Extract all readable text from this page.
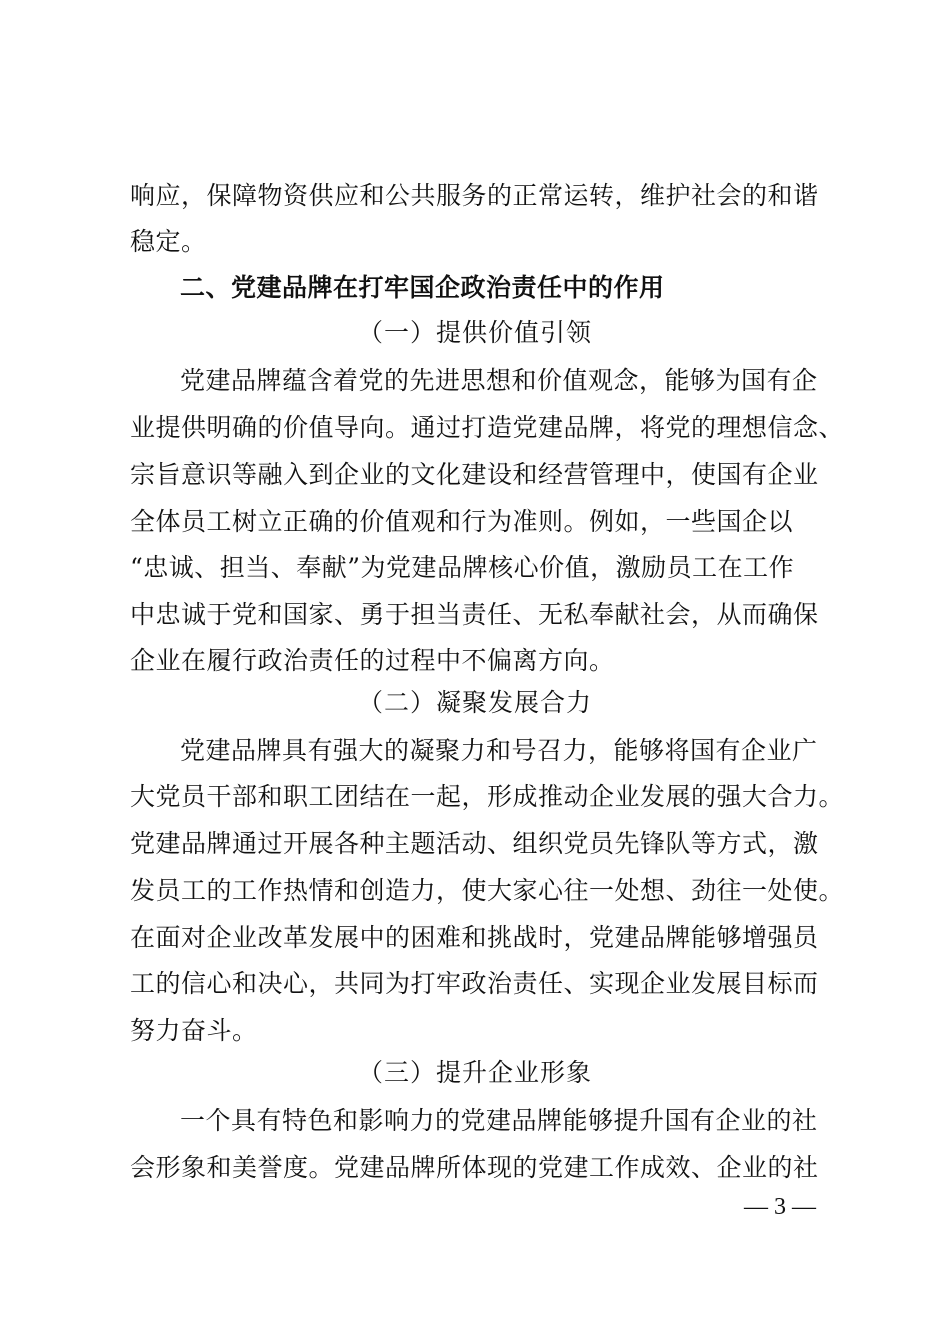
响应，保障物资供应和公共服务的正常运转，维护社会的和谐
稳定。
二、党建品牌在打牢国企政治责任中的作用
（一）提供价值引领
党建品牌蕴含着党的先进思想和价值观念，能够为国有企
业提供明确的价值导向。通过打造党建品牌，将党的理想信念、
宗旨意识等融入到企业的文化建设和经营管理中，使国有企业
全体员工树立正确的价值观和行为准则。例如，一些国企以
“忠诚、担当、奉献”为党建品牌核心价值，激励员工在工作
中忠诚于党和国家、勇于担当责任、无私奉献社会，从而确保
企业在履行政治责任的过程中不偏离方向。
（二）凝聚发展合力
党建品牌具有强大的凝聚力和号召力，能够将国有企业广
大党员干部和职工团结在一起，形成推动企业发展的强大合力。
党建品牌通过开展各种主题活动、组织党员先锋队等方式，激
发员工的工作热情和创造力，使大家心往一处想、劲往一处使。
在面对企业改革发展中的困难和挑战时，党建品牌能够增强员
工的信心和决心，共同为打牢政治责任、实现企业发展目标而
努力奋斗。
（三）提升企业形象
一个具有特色和影响力的党建品牌能够提升国有企业的社
会形象和美誉度。党建品牌所体现的党建工作成效、企业的社
— 3 —
